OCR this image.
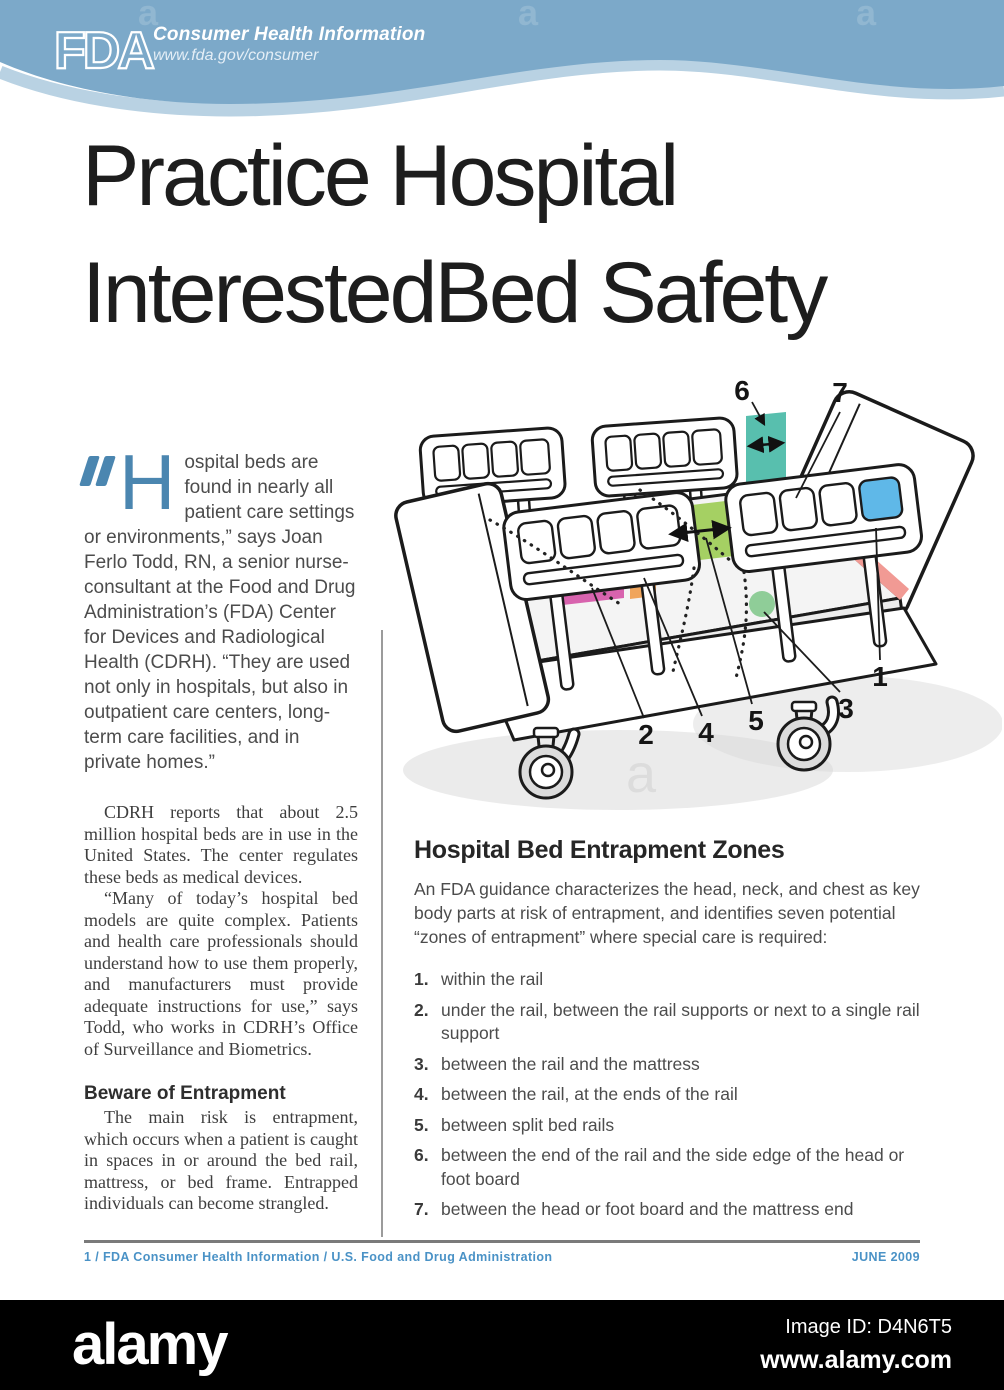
FDA Consumer Health Information
www.fda.gov/consumer
a	a	a
Practice Hospital
InterestedBed Safety
Hospital beds are found in nearly all patient care settings or environments,” says Joan Ferlo Todd, RN, a senior nurse-consultant at the Food and Drug Administration’s (FDA) Center for Devices and Radiological Health (CDRH). “They are used not only in hospitals, but also in outpatient care centers, long-term care facilities, and in private homes.”

CDRH reports that about 2.5 million hospital beds are in use in the United States. The center regulates these beds as medical devices.

“Many of today’s hospital bed models are quite complex. Patients and health care professionals should understand how to use them properly, and manufacturers must provide adequate instructions for use,” says Todd, who works in CDRH’s Office of Surveillance and Biometrics.

Beware of Entrapment

The main risk is entrapment, which occurs when a patient is caught in spaces in or around the bed rail, mattress, or bed frame. Entrapped individuals can become strangled.

a
6	7
1
3
5
4
2
Hospital Bed Entrapment Zones

An FDA guidance characterizes the head, neck, and chest as key body parts at risk of entrapment, and identifies seven potential “zones of entrapment” where special care is required:

1. within the rail
2. under the rail, between the rail supports or next to a single rail support
3. between the rail and the mattress
4. between the rail, at the ends of the rail
5. between split bed rails
6. between the end of the rail and the side edge of the head or foot board
7. between the head or foot board and the mattress end
1 / FDA Consumer Health Information / U.S. Food and Drug Administration	JUNE 2009
alamy	Image ID: D4N6T5
www.alamy.com
